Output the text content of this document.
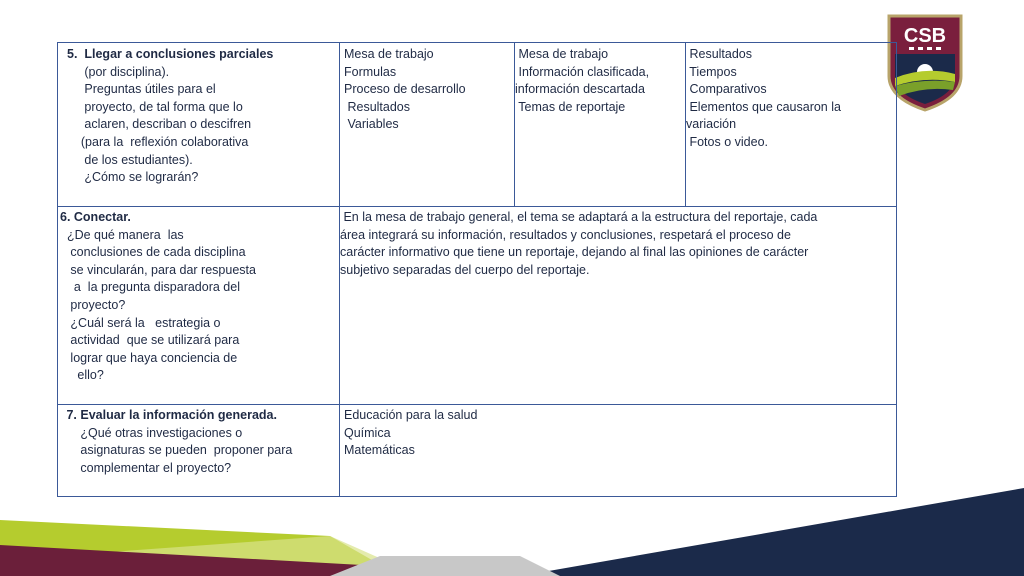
CSB
5.  Llegar a conclusiones parciales
(por disciplina).
Preguntas útiles para el
proyecto, de tal forma que lo
aclaren, describan o descifren
(para la  reflexión colaborativa
de los estudiantes).
¿Cómo se lograrán?
Mesa de trabajo
Formulas
Proceso de desarrollo
Resultados
Variables
Mesa de trabajo
Información clasificada,
información descartada
Temas de reportaje
Resultados
Tiempos
Comparativos
Elementos que causaron la
variación
Fotos o video.
6. Conectar.
¿De qué manera  las
conclusiones de cada disciplina
se vincularán, para dar respuesta
a  la pregunta disparadora del
proyecto?
¿Cuál será la   estrategia o
actividad  que se utilizará para
lograr que haya conciencia de
ello?
En la mesa de trabajo general, el tema se adaptará a la estructura del reportaje, cada
área integrará su información, resultados y conclusiones, respetará el proceso de
carácter informativo que tiene un reportaje, dejando al final las opiniones de carácter
subjetivo separadas del cuerpo del reportaje.
7. Evaluar la información generada.
¿Qué otras investigaciones o
asignaturas se pueden  proponer para
complementar el proyecto?
Educación para la salud
Química
Matemáticas
